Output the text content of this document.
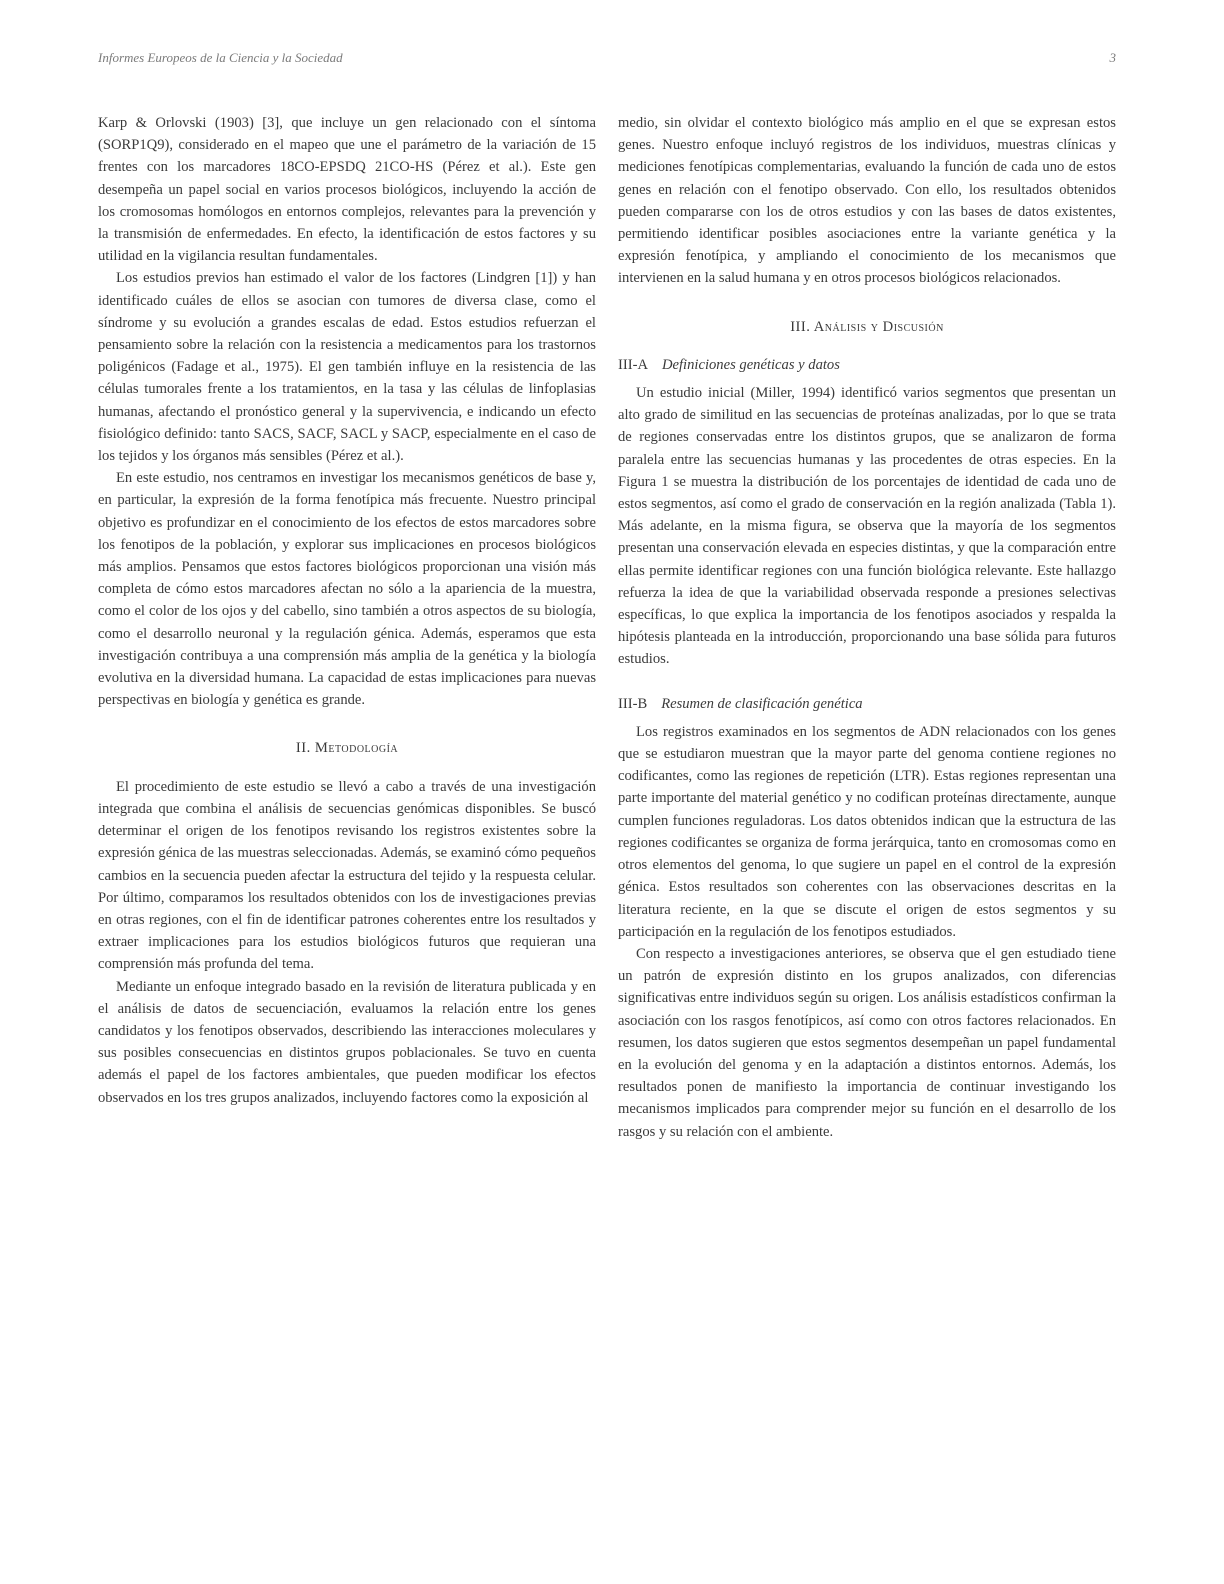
Informes Europeos de la Ciencia y la Sociedad	3

Karp & Orlovski (1903) [3], que incluye un gen relacionado con el síntoma (SORP1Q9), considerado en el mapeo que une el parámetro de la variación de 15 frentes con los marcadores 18CO-EPSDQ 21CO-HS (Pérez et al.). Este gen desempeña un papel social en varios procesos biológicos, incluyendo la acción de los cromosomas homólogos en entornos complejos, relevantes para la prevención y la transmisión de enfermedades. En efecto, la identificación de estos factores y su utilidad en la vigilancia resultan fundamentales.

Los estudios previos han estimado el valor de los factores (Lindgren [1]) y han identificado cuáles de ellos se asocian con tumores de diversa clase, como el síndrome y su evolución a grandes escalas de edad. Estos estudios refuerzan el pensamiento sobre la relación con la resistencia a medicamentos para los trastornos poligénicos (Fadage et al., 1975). El gen también influye en la resistencia de las células tumorales frente a los tratamientos, en la tasa y las células de linfoplasias humanas, afectando el pronóstico general y la supervivencia, e indicando un efecto fisiológico definido: tanto SACS, SACF, SACL y SACP, especialmente en el caso de los tejidos y los órganos más sensibles (Pérez et al.).

En este estudio, nos centramos en investigar los mecanismos genéticos de base y, en particular, la expresión de la forma fenotípica más frecuente. Nuestro principal objetivo es profundizar en el conocimiento de los efectos de estos marcadores sobre los fenotipos de la población, y explorar sus implicaciones en procesos biológicos más amplios. Pensamos que estos factores biológicos proporcionan una visión más completa de cómo estos marcadores afectan no sólo a la apariencia de la muestra, como el color de los ojos y del cabello, sino también a otros aspectos de su biología, como el desarrollo neuronal y la regulación génica. Además, esperamos que esta investigación contribuya a una comprensión más amplia de la genética y la biología evolutiva en la diversidad humana. La capacidad de estas implicaciones para nuevas perspectivas en biología y genética es grande.

II. Metodología

El procedimiento de este estudio se llevó a cabo a través de una investigación integrada que combina el análisis de secuencias genómicas disponibles. Se buscó determinar el origen de los fenotipos revisando los registros existentes sobre la expresión génica de las muestras seleccionadas. Además, se examinó cómo pequeños cambios en la secuencia pueden afectar la estructura del tejido y la respuesta celular. Por último, comparamos los resultados obtenidos con los de investigaciones previas en otras regiones, con el fin de identificar patrones coherentes entre los resultados y extraer implicaciones para los estudios biológicos futuros que requieran una comprensión más profunda del tema.

Mediante un enfoque integrado basado en la revisión de literatura publicada y en el análisis de datos de secuenciación, evaluamos la relación entre los genes candidatos y los fenotipos observados, describiendo las interacciones moleculares y sus posibles consecuencias en distintos grupos poblacionales. Se tuvo en cuenta además el papel de los factores ambientales, que pueden modificar los efectos observados en los tres grupos analizados, incluyendo factores como la exposición al

medio, sin olvidar el contexto biológico más amplio en el que se expresan estos genes. Nuestro enfoque incluyó registros de los individuos, muestras clínicas y mediciones fenotípicas complementarias, evaluando la función de cada uno de estos genes en relación con el fenotipo observado. Con ello, los resultados obtenidos pueden compararse con los de otros estudios y con las bases de datos existentes, permitiendo identificar posibles asociaciones entre la variante genética y la expresión fenotípica, y ampliando el conocimiento de los mecanismos que intervienen en la salud humana y en otros procesos biológicos relacionados.

III. Análisis y Discusión
III-A Definiciones genéticas y datos

Un estudio inicial (Miller, 1994) identificó varios segmentos que presentan un alto grado de similitud en las secuencias de proteínas analizadas, por lo que se trata de regiones conservadas entre los distintos grupos, que se analizaron de forma paralela entre las secuencias humanas y las procedentes de otras especies. En la Figura 1 se muestra la distribución de los porcentajes de identidad de cada uno de estos segmentos, así como el grado de conservación en la región analizada (Tabla 1). Más adelante, en la misma figura, se observa que la mayoría de los segmentos presentan una conservación elevada en especies distintas, y que la comparación entre ellas permite identificar regiones con una función biológica relevante. Este hallazgo refuerza la idea de que la variabilidad observada responde a presiones selectivas específicas, lo que explica la importancia de los fenotipos asociados y respalda la hipótesis planteada en la introducción, proporcionando una base sólida para futuros estudios.

III-B Resumen de clasificación genética

Los registros examinados en los segmentos de ADN relacionados con los genes que se estudiaron muestran que la mayor parte del genoma contiene regiones no codificantes, como las regiones de repetición (LTR). Estas regiones representan una parte importante del material genético y no codifican proteínas directamente, aunque cumplen funciones reguladoras. Los datos obtenidos indican que la estructura de las regiones codificantes se organiza de forma jerárquica, tanto en cromosomas como en otros elementos del genoma, lo que sugiere un papel en el control de la expresión génica. Estos resultados son coherentes con las observaciones descritas en la literatura reciente, en la que se discute el origen de estos segmentos y su participación en la regulación de los fenotipos estudiados.

Con respecto a investigaciones anteriores, se observa que el gen estudiado tiene un patrón de expresión distinto en los grupos analizados, con diferencias significativas entre individuos según su origen. Los análisis estadísticos confirman la asociación con los rasgos fenotípicos, así como con otros factores relacionados. En resumen, los datos sugieren que estos segmentos desempeñan un papel fundamental en la evolución del genoma y en la adaptación a distintos entornos. Además, los resultados ponen de manifiesto la importancia de continuar investigando los mecanismos implicados para comprender mejor su función en el desarrollo de los rasgos y su relación con el ambiente.
